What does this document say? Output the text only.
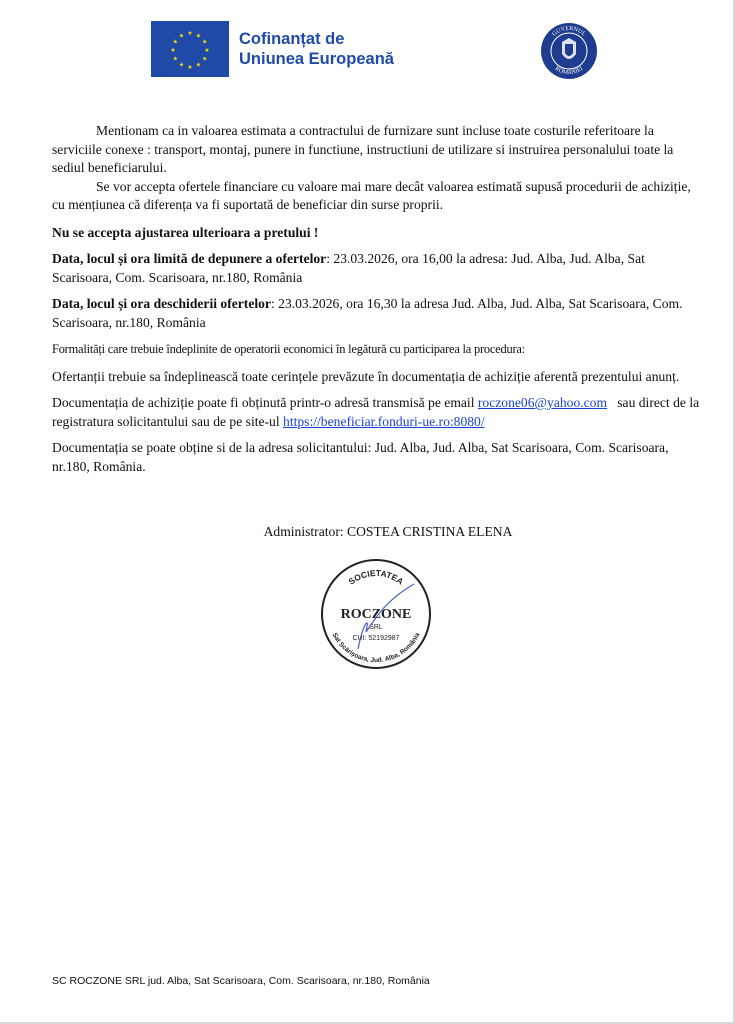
★ ★
★
★
★
★
★
★
★
★
★
★	Cofinanțat de
Uniunea Europeană
GUVERNUL
ROMÂNIEI
Mentionam ca in valoarea estimata a contractului de furnizare sunt incluse toate costurile referitoare la serviciile conexe : transport, montaj, punere in functiune, instructiuni de utilizare si instruirea personalului toate la sediul beneficiarului.
Se vor accepta ofertele financiare cu valoare mai mare decât valoarea estimată supusă procedurii de achiziție, cu mențiunea că diferența va fi suportată de beneficiar din surse proprii.
Nu se accepta ajustarea ulterioara a pretului !
Data, locul și ora limită de depunere a ofertelor: 23.03.2026, ora 16,00 la adresa: Jud. Alba, Jud. Alba, Sat Scarisoara, Com. Scarisoara, nr.180, România
Data, locul și ora deschiderii ofertelor: 23.03.2026, ora 16,30 la adresa Jud. Alba, Jud. Alba, Sat Scarisoara, Com. Scarisoara, nr.180, România
Formalități care trebuie îndeplinite de operatorii economici în legătură cu participarea la procedura:
Ofertanții trebuie sa îndeplinească toate cerințele prevăzute în documentația de achiziție aferentă prezentului anunț.
Documentația de achiziție poate fi obținută printr-o adresă transmisă pe email roczone06@yahoo.com   sau direct de la registratura solicitantului sau de pe site-ul https://beneficiar.fonduri-ue.ro:8080/
Documentația se poate obține si de la adresa solicitantului: Jud. Alba, Jud. Alba, Sat Scarisoara, Com. Scarisoara, nr.180, România.
Administrator: COSTEA CRISTINA ELENA
SOCIETATEA
Sat Scărișoara, Jud. Alba, România
ROCZONE
SRL
CUI: 52192987
SC ROCZONE SRL jud. Alba, Sat Scarisoara, Com. Scarisoara, nr.180, România
